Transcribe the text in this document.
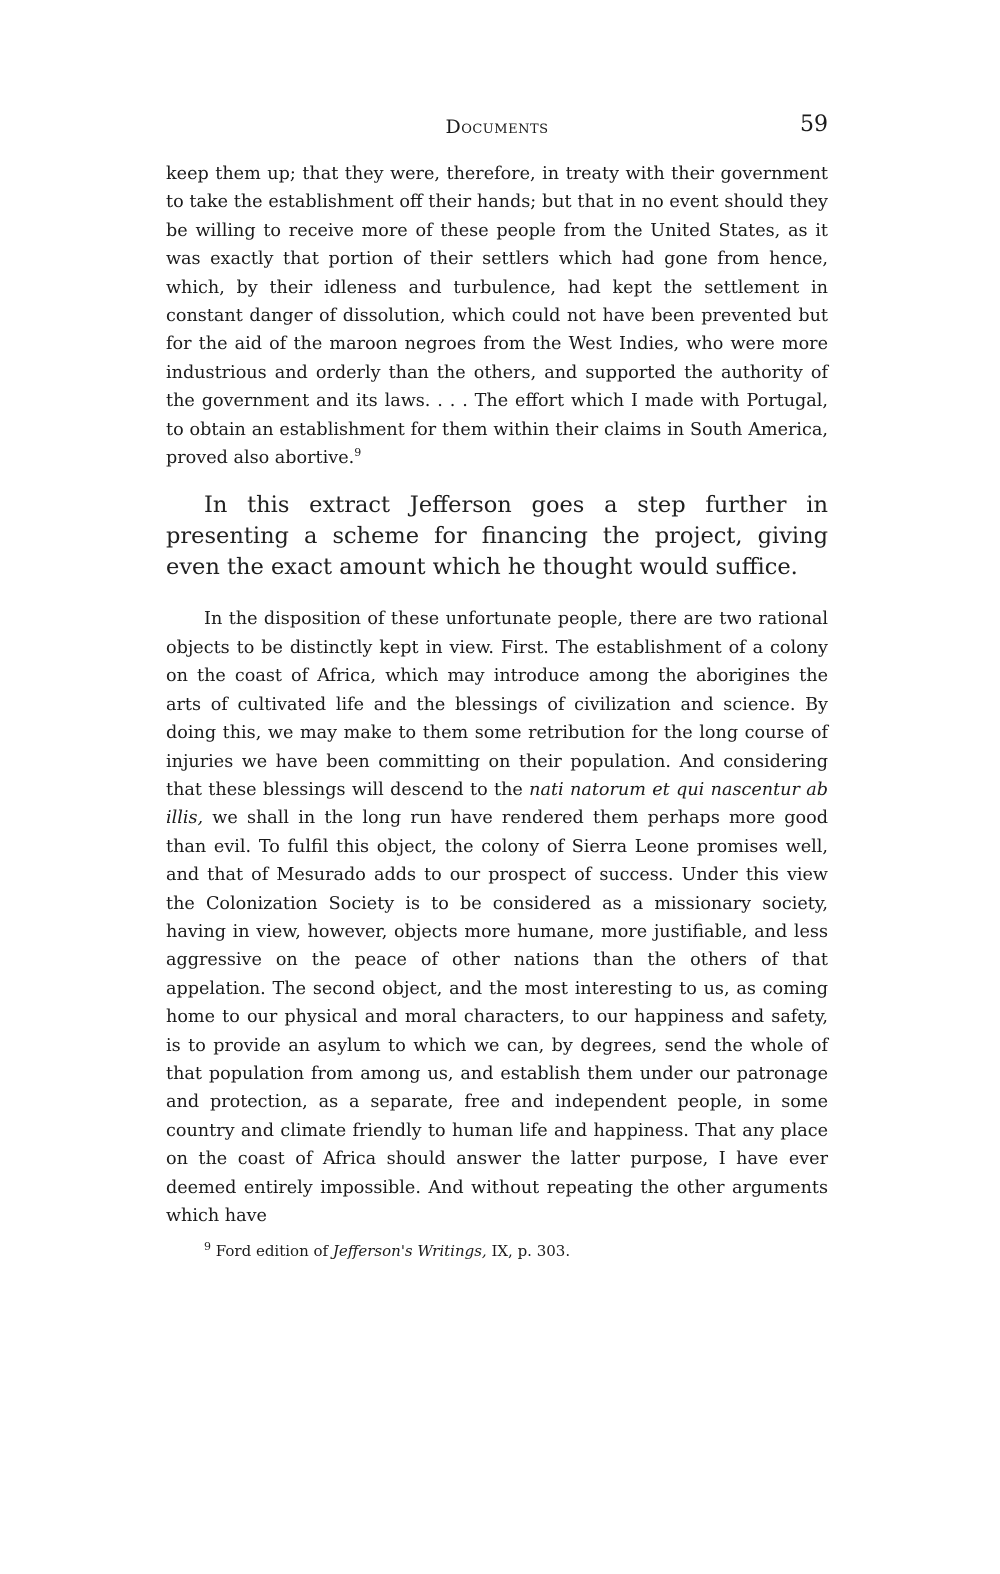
Documents	59

keep them up; that they were, therefore, in treaty with their government to take the establishment off their hands; but that in no event should they be willing to receive more of these people from the United States, as it was exactly that portion of their settlers which had gone from hence, which, by their idleness and turbulence, had kept the settlement in constant danger of dissolution, which could not have been prevented but for the aid of the maroon negroes from the West Indies, who were more industrious and orderly than the others, and supported the authority of the government and its laws. . . . The effort which I made with Portugal, to obtain an establishment for them within their claims in South America, proved also abortive.$^9$

In this extract Jefferson goes a step further in presenting a scheme for financing the project, giving even the exact amount which he thought would suffice.

In the disposition of these unfortunate people, there are two rational objects to be distinctly kept in view. First. The establishment of a colony on the coast of Africa, which may introduce among the aborigines the arts of cultivated life and the blessings of civilization and science. By doing this, we may make to them some retribution for the long course of injuries we have been committing on their population. And considering that these blessings will descend to the nati natorum et qui nascentur ab illis, we shall in the long run have rendered them perhaps more good than evil. To fulfil this object, the colony of Sierra Leone promises well, and that of Mesurado adds to our prospect of success. Under this view the Colonization Society is to be considered as a missionary society, having in view, however, objects more humane, more justifiable, and less aggressive on the peace of other nations than the others of that appelation. The second object, and the most interesting to us, as coming home to our physical and moral characters, to our happiness and safety, is to provide an asylum to which we can, by degrees, send the whole of that population from among us, and establish them under our patronage and protection, as a separate, free and independent people, in some country and climate friendly to human life and happiness. That any place on the coast of Africa should answer the latter purpose, I have ever deemed entirely impossible. And without repeating the other arguments which have

$^9$ Ford edition of Jefferson's Writings, IX, p. 303.
